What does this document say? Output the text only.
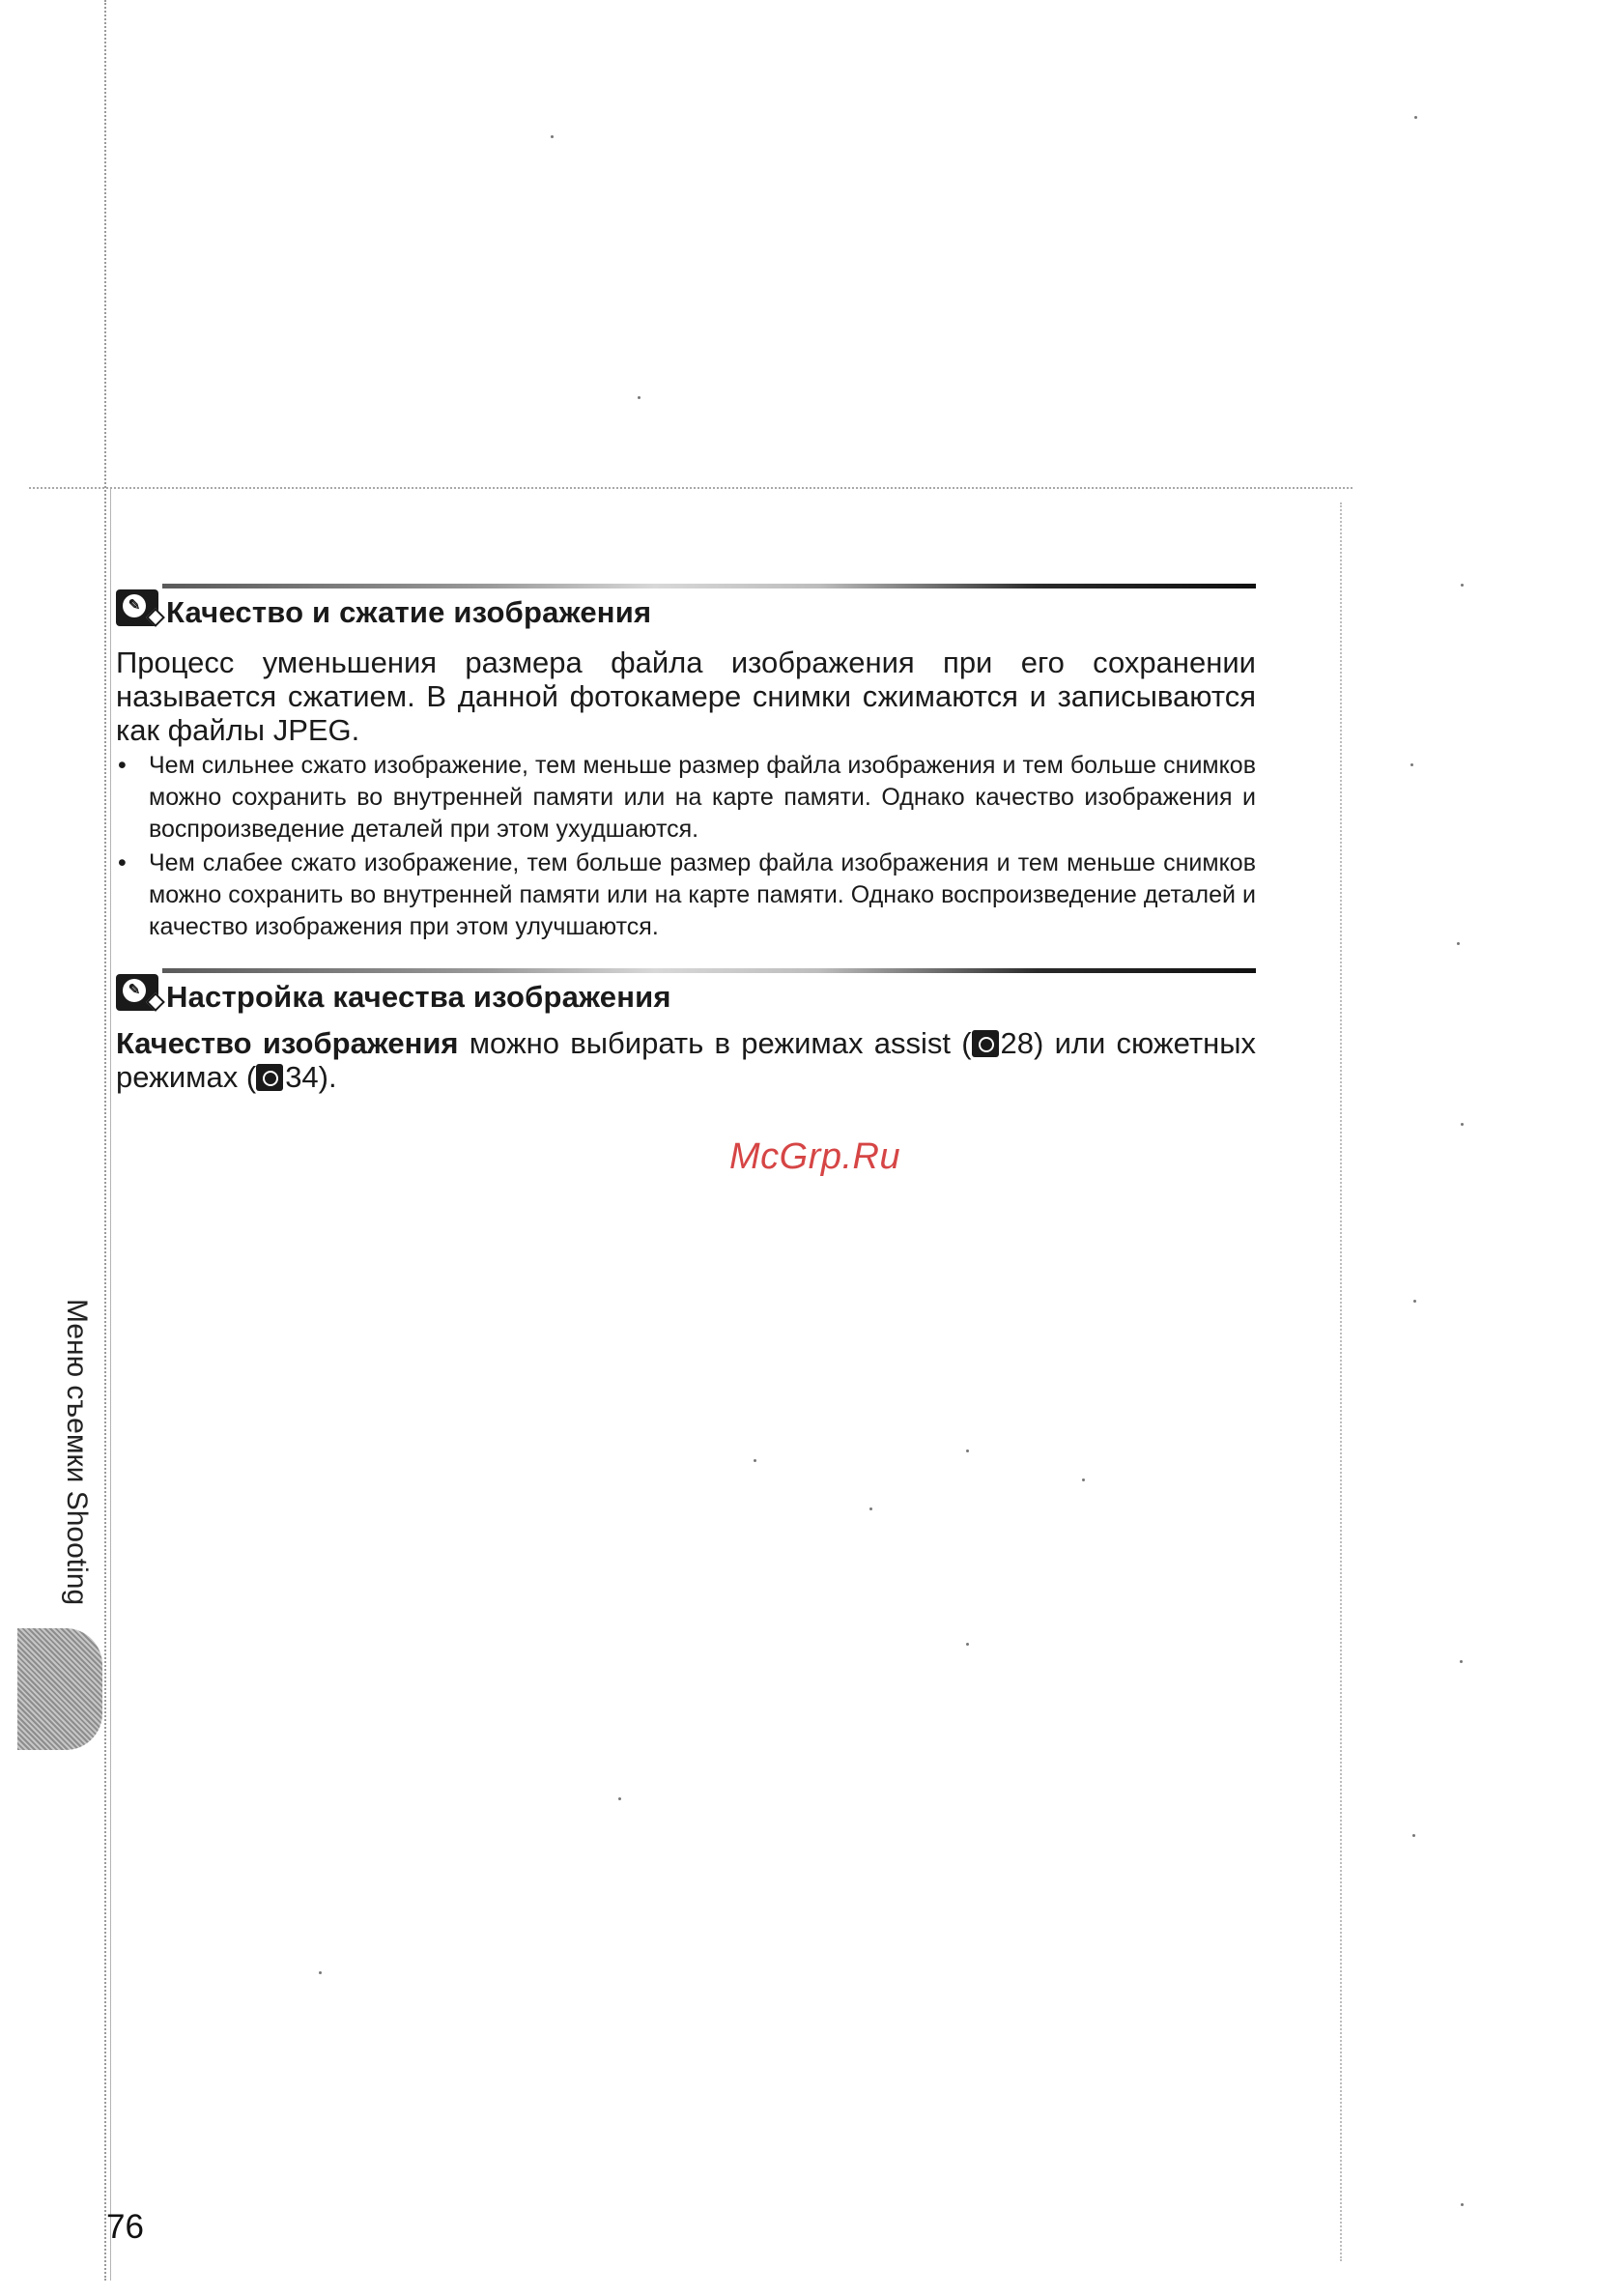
✎ Качество и сжатие изображения
Процесс уменьшения размера файла изображения при его сохранении называется сжатием. В данной фотокамере снимки сжимаются и записываются как файлы JPEG.
• Чем сильнее сжато изображение, тем меньше размер файла изображения и тем больше снимков можно сохранить во внутренней памяти или на карте памяти. Однако качество изображения и воспроизведение деталей при этом ухудшаются.
• Чем слабее сжато изображение, тем больше размер файла изображения и тем меньше снимков можно сохранить во внутренней памяти или на карте памяти. Однако воспроизведение деталей и качество изображения при этом улучшаются.
✎ Настройка качества изображения
Качество изображения можно выбирать в режимах assist ( 28) или сюжетных режимах ( 34).
McGrp.Ru
Меню съемки Shooting
76
